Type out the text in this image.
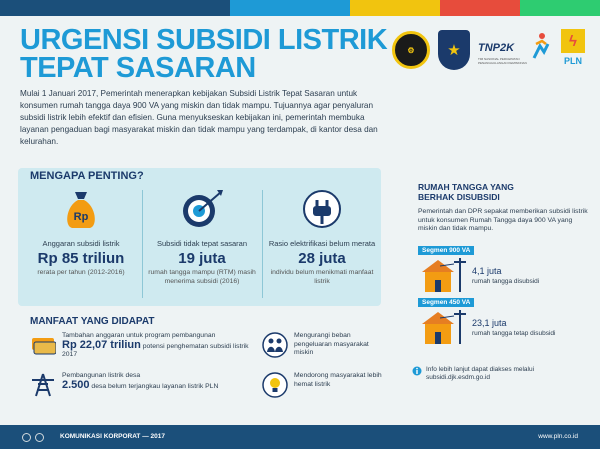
URGENSI SUBSIDI LISTRIK
TEPAT SASARAN
⚙	★	TNP2K
TIM NASIONAL PERCEPATAN PENANGGULANGAN KEMISKINAN
ϟ
PLN

Mulai 1 Januari 2017, Pemerintah menerapkan kebijakan Subsidi Listrik Tepat Sasaran untuk konsumen rumah tangga daya 900 VA yang miskin dan tidak mampu. Tujuannya agar penyaluran subsidi listrik lebih efektif dan efisien. Guna menyukseskan kebijakan ini, pemerintah membuka layanan pengaduan bagi masyarakat miskin dan tidak mampu yang terdampak, di kantor desa dan kelurahan.

MENGAPA PENTING?
Rp
Anggaran subsidi listrik
Rp 85 triliun
rerata per tahun (2012-2016)
Subsidi tidak tepat sasaran
19 juta
rumah tangga mampu (RTM) masih menerima subsidi (2016)
Rasio elektrifikasi belum merata
28 juta
individu belum menikmati manfaat listrik
MANFAAT YANG DIDAPAT
Tambahan anggaran untuk program pembangunan
Rp 22,07 triliun potensi penghematan subsidi listrik 2017
Pembangunan listrik desa
2.500 desa belum terjangkau layanan listrik PLN
Mengurangi beban pengeluaran masyarakat miskin
Mendorong masyarakat lebih hemat listrik
RUMAH TANGGA YANG
BERHAK DISUBSIDI
Pemerintah dan DPR sepakat memberikan subsidi listrik untuk konsumen Rumah Tangga daya 900 VA yang miskin dan tidak mampu.
Segmen 900 VA
4,1 juta
rumah tangga disubsidi
Segmen 450 VA
23,1 juta
rumah tangga tetap disubsidi
Info lebih lanjut dapat diakses melalui
subsidi.djk.esdm.go.id
KOMUNIKASI KORPORAT — 2017	www.pln.co.id
